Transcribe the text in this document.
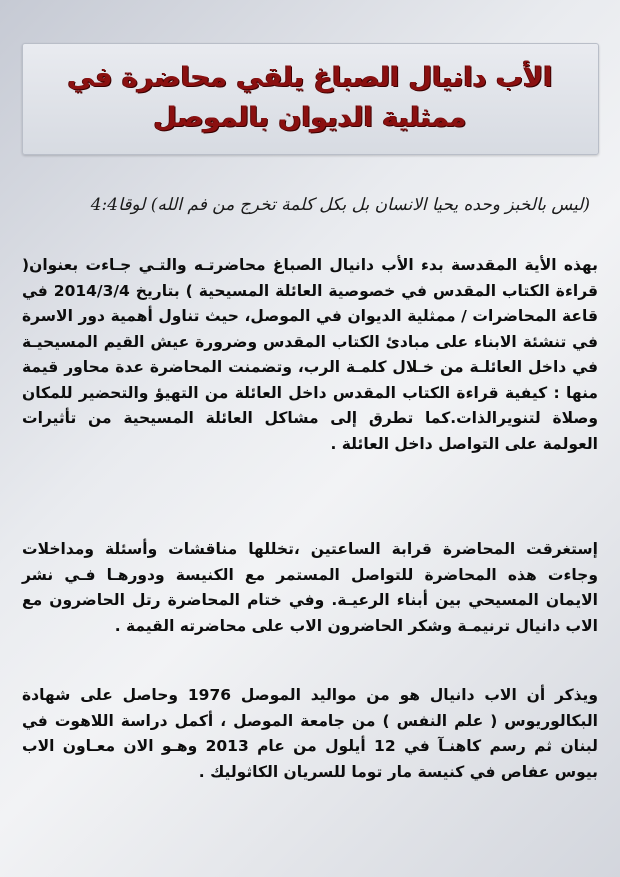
الأب دانيال الصباغ يلقي محاضرة في ممثلية الديوان بالموصل
(ليس بالخبز وحده يحيا الانسان بل بكل كلمة تخرج من فم الله) لوقا4:4

بهذه الأية المقدسة بدء الأب دانيال الصباغ محاضرتـه والتـي جـاءت بعنوان( قراءة الكتاب المقدس في خصوصية العائلة المسيحية ) بتاريخ 2014/3/4 في قاعة المحاضرات / ممثلية الديوان في الموصل، حيث تناول أهمية دور الاسرة في تنشئة الابناء على مبادئ الكتاب المقدس وضرورة عيش القيم المسيحيـة في داخل العائلـة من خـلال كلمـة الرب، وتضمنت المحاضرة عدة محاور قيمة منها : كيفية قراءة الكتاب المقدس داخل العائلة من التهيؤ والتحضير للمكان وصلاة لتنويرالذات.كما تطرق إلى مشاكل العائلة المسيحية من تأثيرات العولمة على التواصل داخل العائلة .

إستغرقت المحاضرة قرابة الساعتين ،تخللها مناقشات وأسئلة ومداخلات وجاءت هذه المحاضرة للتواصل المستمر مع الكنيسة ودورهـا فـي نشر الايمان المسيحي بين أبناء الرعيـة. وفي ختام المحاضرة رتل الحاضرون مع الاب دانيال ترنيمـة وشكر الحاضرون الاب على محاضرته القيمة .

ويذكر أن الاب دانيال هو من مواليد الموصل 1976 وحاصل على شهادة البكالوريوس ( علم النفس ) من جامعة الموصل ، أكمل دراسة اللاهوت في لبنان ثم رسم كاهنـآ في 12 أيلول من عام 2013 وهـو الان معـاون الاب بيوس عفاص في كنيسة مار توما للسريان الكاثوليك .
